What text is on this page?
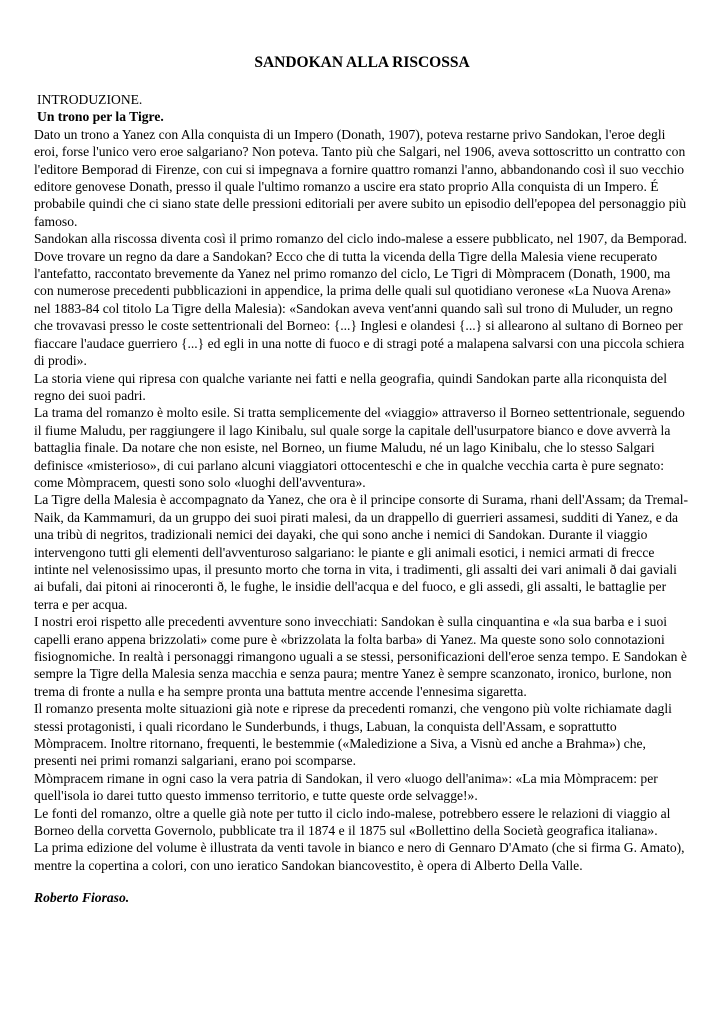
SANDOKAN ALLA RISCOSSA
INTRODUZIONE.
Un trono per la Tigre.

Dato un trono a Yanez con Alla conquista di un Impero (Donath, 1907), poteva restarne privo Sandokan, l'eroe degli eroi, forse l'unico vero eroe salgariano? Non poteva. Tanto più che Salgari, nel 1906, aveva sottoscritto un contratto con l'editore Bemporad di Firenze, con cui si impegnava a fornire quattro romanzi l'anno, abbandonando così il suo vecchio editore genovese Donath, presso il quale l'ultimo romanzo a uscire era stato proprio Alla conquista di un Impero. É probabile quindi che ci siano state delle pressioni editoriali per avere subito un episodio dell'epopea del personaggio più famoso.

Sandokan alla riscossa diventa così il primo romanzo del ciclo indo-malese a essere pubblicato, nel 1907, da Bemporad.

Dove trovare un regno da dare a Sandokan? Ecco che di tutta la vicenda della Tigre della Malesia viene recuperato l'antefatto, raccontato brevemente da Yanez nel primo romanzo del ciclo, Le Tigri di Mòmpracem (Donath, 1900, ma con numerose precedenti pubblicazioni in appendice, la prima delle quali sul quotidiano veronese «La Nuova Arena» nel 1883-84 col titolo La Tigre della Malesia): «Sandokan aveva vent'anni quando salì sul trono di Muluder, un regno che trovavasi presso le coste settentrionali del Borneo: {...} Inglesi e olandesi {...} si allearono al sultano di Borneo per fiaccare l'audace guerriero {...} ed egli in una notte di fuoco e di stragi poté a malapena salvarsi con una piccola schiera di prodi».

La storia viene qui ripresa con qualche variante nei fatti e nella geografia, quindi Sandokan parte alla riconquista del regno dei suoi padri.

La trama del romanzo è molto esile. Si tratta semplicemente del «viaggio» attraverso il Borneo settentrionale, seguendo il fiume Maludu, per raggiungere il lago Kinibalu, sul quale sorge la capitale dell'usurpatore bianco e dove avverrà la battaglia finale. Da notare che non esiste, nel Borneo, un fiume Maludu, né un lago Kinibalu, che lo stesso Salgari definisce «misterioso», di cui parlano alcuni viaggiatori ottocenteschi e che in qualche vecchia carta è pure segnato: come Mòmpracem, questi sono solo «luoghi dell'avventura».

La Tigre della Malesia è accompagnato da Yanez, che ora è il principe consorte di Surama, rhani dell'Assam; da Tremal-Naik, da Kammamuri, da un gruppo dei suoi pirati malesi, da un drappello di guerrieri assamesi, sudditi di Yanez, e da una tribù di negritos, tradizionali nemici dei dayaki, che qui sono anche i nemici di Sandokan. Durante il viaggio intervengono tutti gli elementi dell'avventuroso salgariano: le piante e gli animali esotici, i nemici armati di frecce intinte nel velenosissimo upas, il presunto morto che torna in vita, i tradimenti, gli assalti dei vari animali ð dai gaviali ai bufali, dai pitoni ai rinoceronti ð, le fughe, le insidie dell'acqua e del fuoco, e gli assedi, gli assalti, le battaglie per terra e per acqua.

I nostri eroi rispetto alle precedenti avventure sono invecchiati: Sandokan è sulla cinquantina e «la sua barba e i suoi capelli erano appena brizzolati» come pure è «brizzolata la folta barba» di Yanez. Ma queste sono solo connotazioni fisiognomiche. In realtà i personaggi rimangono uguali a se stessi, personificazioni dell'eroe senza tempo. E Sandokan è sempre la Tigre della Malesia senza macchia e senza paura; mentre Yanez è sempre scanzonato, ironico, burlone, non trema di fronte a nulla e ha sempre pronta una battuta mentre accende l'ennesima sigaretta.

Il romanzo presenta molte situazioni già note e riprese da precedenti romanzi, che vengono più volte richiamate dagli stessi protagonisti, i quali ricordano le Sunderbunds, i thugs, Labuan, la conquista dell'Assam, e soprattutto Mòmpracem. Inoltre ritornano, frequenti, le bestemmie («Maledizione a Siva, a Visnù ed anche a Brahma») che, presenti nei primi romanzi salgariani, erano poi scomparse.

Mòmpracem rimane in ogni caso la vera patria di Sandokan, il vero «luogo dell'anima»: «La mia Mòmpracem: per quell'isola io darei tutto questo immenso territorio, e tutte queste orde selvagge!».

Le fonti del romanzo, oltre a quelle già note per tutto il ciclo indo-malese, potrebbero essere le relazioni di viaggio al Borneo della corvetta Governolo, pubblicate tra il 1874 e il 1875 sul «Bollettino della Società geografica italiana».

La prima edizione del volume è illustrata da venti tavole in bianco e nero di Gennaro D'Amato (che si firma G. Amato), mentre la copertina a colori, con uno ieratico Sandokan biancovestito, è opera di Alberto Della Valle.

Roberto Fioraso.
